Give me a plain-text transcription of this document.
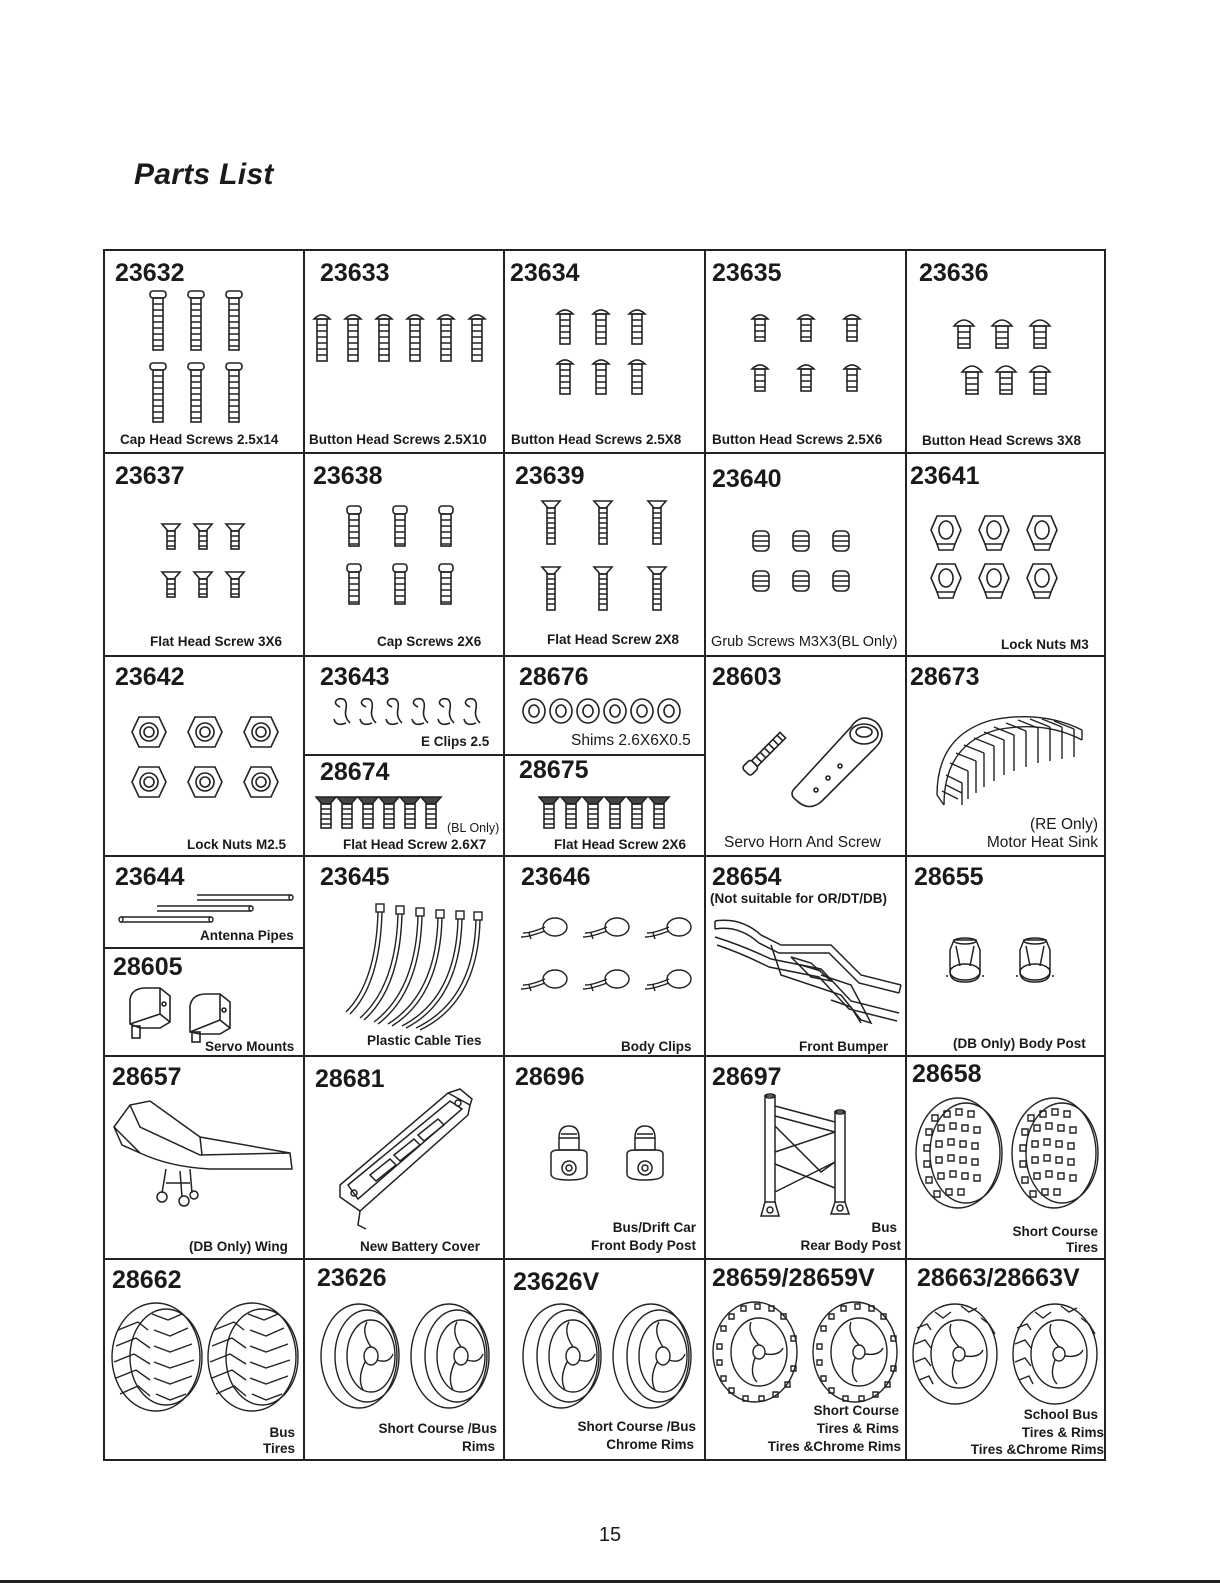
Parts List
23632
Cap Head Screws 2.5x14
23633
Button Head Screws 2.5X10
23634
Button Head Screws 2.5X8
23635
Button Head Screws 2.5X6
23636
Button Head Screws 3X8
23637
Flat Head Screw 3X6
23638
Cap Screws 2X6
23639
Flat Head Screw 2X8
23640
Grub Screws M3X3(BL Only)
23641
Lock Nuts M3
23642
Lock Nuts M2.5
23643
E Clips 2.5
28674
(BL Only)
Flat Head Screw 2.6X7
28676
Shims 2.6X6X0.5
28675
Flat Head Screw 2X6
28603
Servo Horn And Screw
28673
(RE Only)
Motor Heat Sink
23644
Antenna Pipes
28605
Servo Mounts
23645
Plastic Cable Ties
23646
Body Clips
28654
(Not suitable for OR/DT/DB)
Front Bumper
28655
(DB Only) Body Post
28657
(DB Only) Wing
28681
New Battery Cover
28696
Bus/Drift Car
Front Body Post
28697
Bus
Rear Body Post
28658
Short Course
Tires
28662
Bus
Tires
23626
Short Course /Bus
Rims
23626V
Short Course /Bus
Chrome Rims
28659/28659V
Short Course
Tires & Rims
Tires &Chrome Rims
28663/28663V
School Bus
Tires & Rims
Tires &Chrome Rims
15
